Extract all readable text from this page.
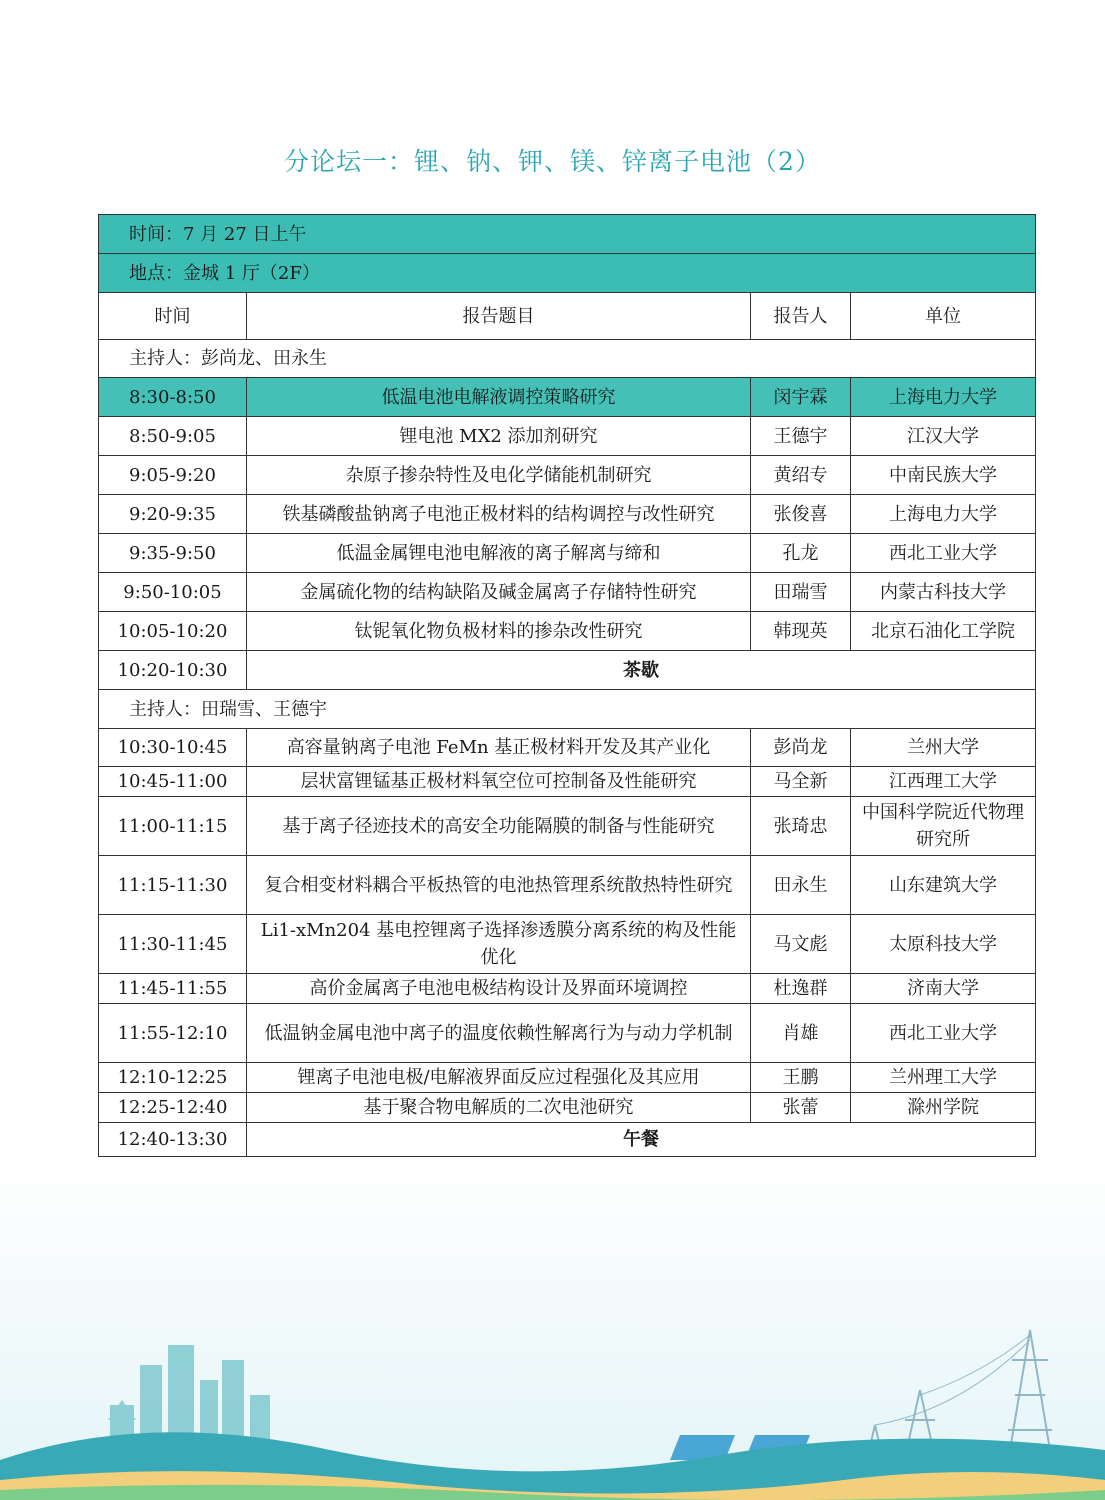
分论坛一：锂、钠、钾、镁、锌离子电池（2）
时间：7 月 27 日上午			
地点：金城 1 厅（2F）			
时间	报告题目	报告人	单位
主持人：彭尚龙、田永生			
8:30-8:50	低温电池电解液调控策略研究	闵宇霖	上海电力大学
8:50-9:05	锂电池 MX2 添加剂研究	王德宇	江汉大学
9:05-9:20	杂原子掺杂特性及电化学储能机制研究	黄绍专	中南民族大学
9:20-9:35	铁基磷酸盐钠离子电池正极材料的结构调控与改性研究	张俊喜	上海电力大学
9:35-9:50	低温金属锂电池电解液的离子解离与缔和	孔龙	西北工业大学
9:50-10:05	金属硫化物的结构缺陷及碱金属离子存储特性研究	田瑞雪	内蒙古科技大学
10:05-10:20	钛铌氧化物负极材料的掺杂改性研究	韩现英	北京石油化工学院
10:20-10:30	茶歇		
主持人：田瑞雪、王德宇			
10:30-10:45	高容量钠离子电池 FeMn 基正极材料开发及其产业化	彭尚龙	兰州大学
10:45-11:00	层状富锂锰基正极材料氧空位可控制备及性能研究	马全新	江西理工大学
11:00-11:15	基于离子径迹技术的高安全功能隔膜的制备与性能研究	张琦忠	中国科学院近代物理研究所
11:15-11:30	复合相变材料耦合平板热管的电池热管理系统散热特性研究	田永生	山东建筑大学
11:30-11:45	Li1-xMn204 基电控锂离子选择渗透膜分离系统的构及性能优化	马文彪	太原科技大学
11:45-11:55	高价金属离子电池电极结构设计及界面环境调控	杜逸群	济南大学
11:55-12:10	低温钠金属电池中离子的温度依赖性解离行为与动力学机制	肖雄	西北工业大学
12:10-12:25	锂离子电池电极/电解液界面反应过程强化及其应用	王鹏	兰州理工大学
12:25-12:40	基于聚合物电解质的二次电池研究	张蕾	滁州学院
12:40-13:30	午餐		
